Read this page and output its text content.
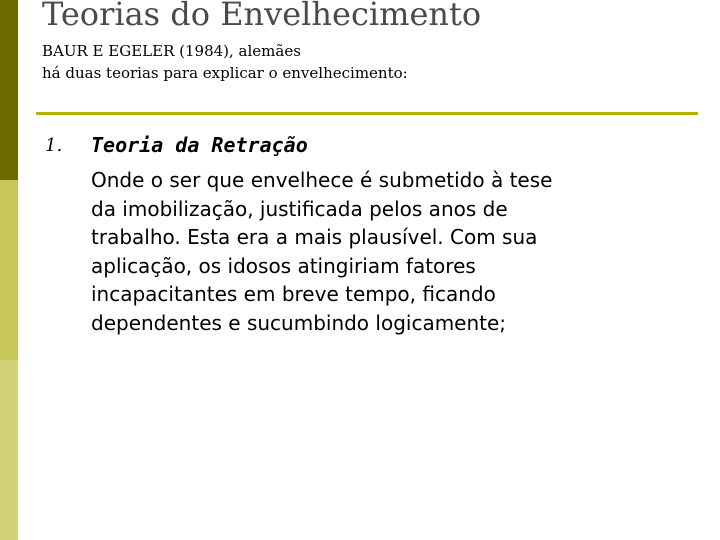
Teorias do Envelhecimento
BAUR E EGELER (1984), alemães
há duas teorias para explicar o envelhecimento:
1. Teoria da Retração
Onde o ser que envelhece é submetido à tese
da imobilização, justificada pelos anos de
trabalho. Esta era a mais plausível. Com sua
aplicação, os idosos atingiriam fatores
incapacitantes em breve tempo, ficando
dependentes e sucumbindo logicamente;
